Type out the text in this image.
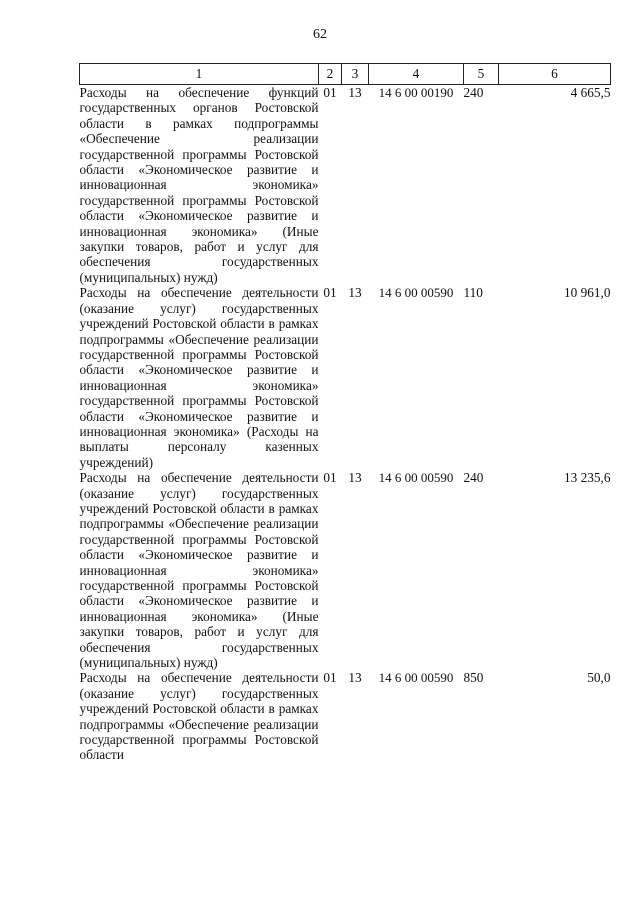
62
1	2	3	4	5	6
Расходы на обеспечение функций государственных органов Ростовской области в рамках подпрограммы «Обеспечение реализации государственной программы Ростовской области «Экономическое развитие и инновационная экономика» государственной программы Ростовской области «Экономическое развитие и инновационная экономика» (Иные закупки товаров, работ и услуг для обеспечения государственных (муниципальных) нужд)	01	13	14 6 00 00190	240	4 665,5
Расходы на обеспечение деятельности (оказание услуг) государственных учреждений Ростовской области в рамках подпрограммы «Обеспечение реализации государственной программы Ростовской области «Экономическое развитие и инновационная экономика» государственной программы Ростовской области «Экономическое развитие и инновационная экономика» (Расходы на выплаты персоналу казенных учреждений)	01	13	14 6 00 00590	110	10 961,0
Расходы на обеспечение деятельности (оказание услуг) государственных учреждений Ростовской области в рамках подпрограммы «Обеспечение реализации государственной программы Ростовской области «Экономическое развитие и инновационная экономика» государственной программы Ростовской области «Экономическое развитие и инновационная экономика» (Иные закупки товаров, работ и услуг для обеспечения государственных (муниципальных) нужд)	01	13	14 6 00 00590	240	13 235,6
Расходы на обеспечение деятельности (оказание услуг) государственных учреждений Ростовской области в рамках подпрограммы «Обеспечение реализации государственной программы Ростовской области	01	13	14 6 00 00590	850	50,0
